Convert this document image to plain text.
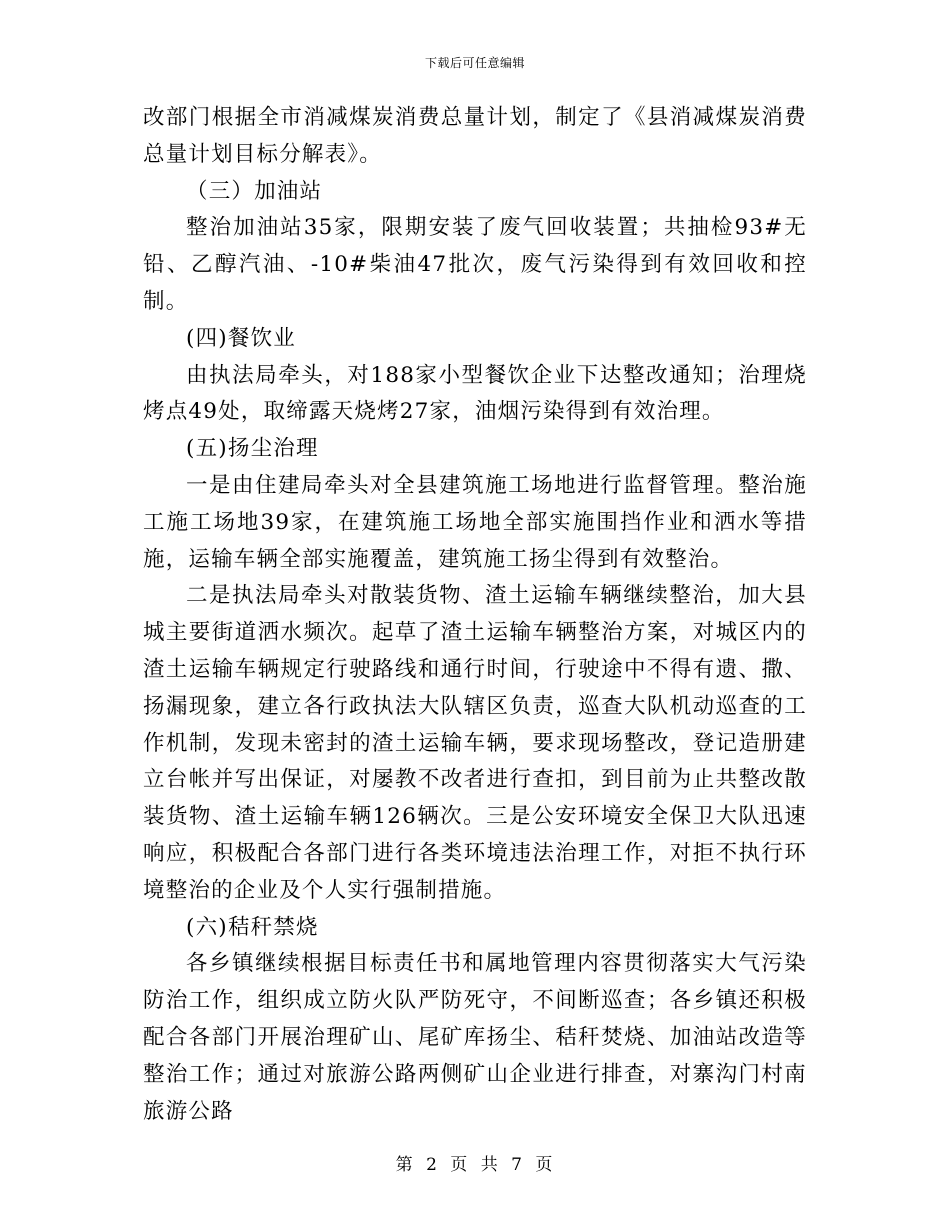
下载后可任意编辑

改部门根据全市消减煤炭消费总量计划，制定了《县消减煤炭消费总量计划目标分解表》。

（三）加油站

整治加油站35家，限期安装了废气回收装置；共抽检93#无铅、乙醇汽油、-10#柴油47批次，废气污染得到有效回收和控制。

(四)餐饮业

由执法局牵头，对188家小型餐饮企业下达整改通知；治理烧烤点49处，取缔露天烧烤27家，油烟污染得到有效治理。

(五)扬尘治理

一是由住建局牵头对全县建筑施工场地进行监督管理。整治施工施工场地39家，在建筑施工场地全部实施围挡作业和洒水等措施，运输车辆全部实施覆盖，建筑施工扬尘得到有效整治。

二是执法局牵头对散装货物、渣土运输车辆继续整治，加大县城主要街道洒水频次。起草了渣土运输车辆整治方案，对城区内的渣土运输车辆规定行驶路线和通行时间，行驶途中不得有遗、撒、扬漏现象，建立各行政执法大队辖区负责，巡查大队机动巡查的工作机制，发现未密封的渣土运输车辆，要求现场整改，登记造册建立台帐并写出保证，对屡教不改者进行查扣，到目前为止共整改散装货物、渣土运输车辆126辆次。三是公安环境安全保卫大队迅速响应，积极配合各部门进行各类环境违法治理工作，对拒不执行环境整治的企业及个人实行强制措施。

(六)秸秆禁烧

各乡镇继续根据目标责任书和属地管理内容贯彻落实大气污染防治工作，组织成立防火队严防死守，不间断巡查；各乡镇还积极配合各部门开展治理矿山、尾矿库扬尘、秸秆焚烧、加油站改造等整治工作；通过对旅游公路两侧矿山企业进行排查，对寨沟门村南旅游公路

第 2 页 共 7 页
